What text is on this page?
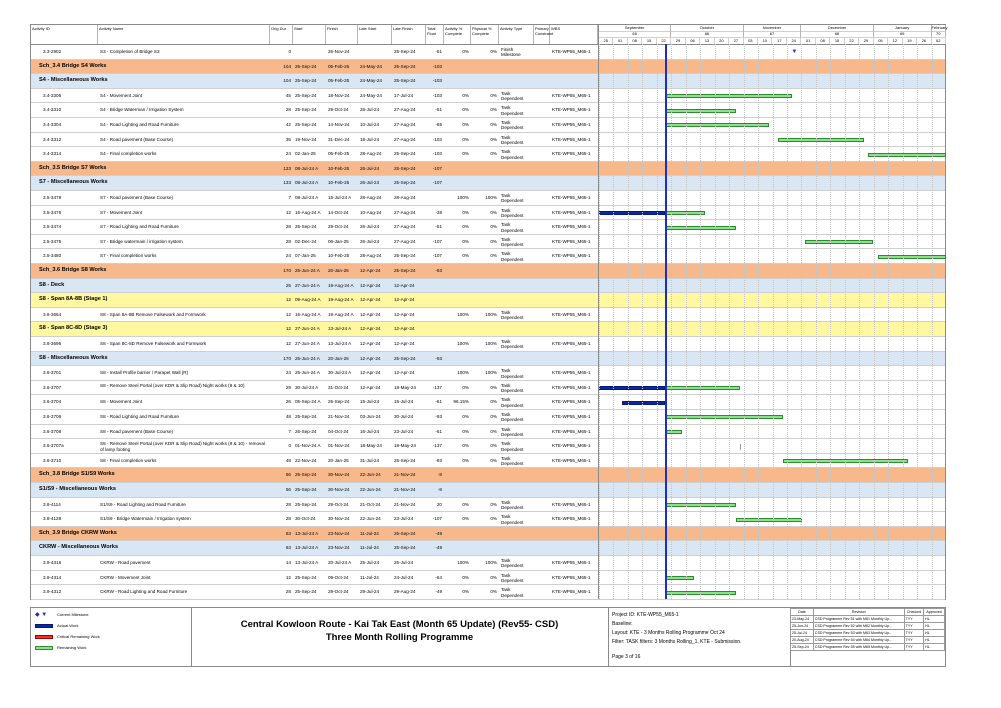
Activity ID	Activity Name	Orig Dur	Start	Finish	Late Start	Late Finish	Total Float
Activity % Complete
Physical % Complete
Activity Type	Primary Constraint
WBS
3.3-2902	S3 - Completion of Bridge S3	0	26-Nov-24	25-Sep-24	-51	0%	0% Finish Milestone
KTE-WP55_M65-1
Sch_3.4 Bridge S4 Works	104 25-Sep-24	05-Feb-25	24-May-24	25-Sep-24	-103
S4 - Miscellaneous Works	104 25-Sep-24	05-Feb-25	24-May-24	25-Sep-24	-103
3.4-3306	S4 - Movement Joint	45 25-Sep-24	18-Nov-24	24-May-24	17-Jul-24	-103	0%	0% Task Dependent
KTE-WP55_M65-1
3.4-3310	S4 - Bridge Waterman / Irrigation System	28 25-Sep-24	29-Oct-24	26-Jul-24	27-Aug-24	-51	0%	0% Task Dependent
KTE-WP55_M65-1
3.4-3304	S4 - Road Lighting and Road Furniture	42 25-Sep-24	14-Nov-24	10-Jul-24	27-Aug-24	-65	0%	0% Task Dependent
KTE-WP55_M65-1
3.4-3312	S4 - Road pavement (Base Course)	35 19-Nov-24	31-Dec-24	18-Jul-24	27-Aug-24	-103	0%	0% Task Dependent
KTE-WP55_M65-1
3.4-3314	S4 - Final completion works	24 02-Jan-25	05-Feb-25	28-Aug-24	25-Sep-24	-103	0%	0% Task Dependent
KTE-WP55_M65-1
Sch_3.5 Bridge S7 Works	133 08-Jul-24 A	10-Feb-25	26-Jul-24	25-Sep-24	-107
S7 - Miscellaneous Works	133 08-Jul-24 A	10-Feb-25	26-Jul-24	25-Sep-24	-107
3.5-3478	S7 - Road pavement (Base Course)	7 08-Jul-24 A	15-Jul-24 A	28-Aug-24	28-Aug-24	100%	100% Task Dependent
KTE-WP55_M65-1
3.5-3476	S7 - Movement Joint	12 15-Aug-24 A	14-Oct-24	10-Aug-24	27-Aug-24	-38	0%	0% Task Dependent
KTE-WP55_M65-1
3.5-3474	S7 - Road Lighting and Road Furniture	28 25-Sep-24	29-Oct-24	26-Jul-24	27-Aug-24	-51	0%	0% Task Dependent
KTE-WP55_M65-1
3.5-3475	S7 - Bridge watermain / irrigation system	28 02-Dec-24	06-Jan-25	26-Jul-24	27-Aug-24	-107	0%	0% Task Dependent
KTE-WP55_M65-1
3.5-3480	S7 - Final completion works	24 07-Jan-25	10-Feb-25	28-Aug-24	25-Sep-24	-107	0%	0% Task Dependent
KTE-WP55_M65-1
Sch_3.6 Bridge S8 Works	170 25-Jun-24 A	20-Jan-25	12-Apr-24	25-Sep-24	-93
S8 - Deck	25 27-Jun-24 A	19-Aug-24 A	12-Apr-24	12-Apr-24
S8 - Span 8A-8B (Stage 1)	12 09-Aug-24 A	19-Aug-24 A	12-Apr-24	12-Apr-24
3.6-3664	S8 - Span 8A-8B Remove Falsework and Formwork	12 15-Aug-24 A	19-Aug-24 A	12-Apr-24	12-Apr-24	100%	100% Task Dependent
KTE-WP55_M65-1
S8 - Span 8C-8D (Stage 3)	12 27-Jun-24 A	13-Jul-24 A	12-Apr-24	12-Apr-24
3.6-3696	S8 - Span 8C-8D Remove Falsework and Formwork	12 27-Jun-24 A	13-Jul-24 A	12-Apr-24	12-Apr-24	100%	100% Task Dependent
KTE-WP55_M65-1
S8 - Miscellaneous Works	170 25-Jun-24 A	20-Jan-25	12-Apr-24	25-Sep-24	-93
3.6-3701	S8 - Install Profile barrier / Parapet Wall (R)	24 25-Jun-24 A	30-Jul-24 A	12-Apr-24	12-Apr-24	100%	100% Task Dependent
KTE-WP55_M65-1
3.6-3707	S8 - Remove Steel Portal (over KDR & Slip Road) Night works (9 & 10)	29 30-Jul-24 A	31-Oct-24	12-Apr-24	18-May-24	-137	0%	0% Task Dependent
KTE-WP55_M65-1
3.6-3704	S8 - Movement Joint	26 05-Sep-24 A	25-Sep-24	15-Jul-24	15-Jul-24	-61	96.15%	0% Task Dependent
KTE-WP55_M65-1
3.6-3706	S8 - Road Lighting and Road Furniture	48 25-Sep-24	21-Nov-24	03-Jun-24	30-Jul-24	-93	0%	0% Task Dependent
KTE-WP55_M65-1
3.6-3708	S8 - Road pavement (Base Course)	7 26-Sep-24	04-Oct-24	16-Jul-24	23-Jul-24	-61	0%	0% Task Dependent
KTE-WP55_M65-1
3.6-3707a	S8 - Remove Steel Portal (over KDR & Slip Road) Night works (9 & 10) - removal of lamp footing
0 01-Nov-24 A	01-Nov-24	18-May-24	18-May-24	-137	0%	0% Task Dependent
KTE-WP55_M65-1
3.6-3710	S8 - Final completion works	48 22-Nov-24	20-Jan-25	31-Jul-24	25-Sep-24	-93	0%	0% Task Dependent
KTE-WP55_M65-1
Sch_3.8 Bridge S1/S9 Works	56 25-Sep-24	30-Nov-24	22-Jun-24	21-Nov-24	-8
S1/S9 - Miscellaneous Works	56 25-Sep-24	30-Nov-24	22-Jun-24	21-Nov-24	-8
3.8-4114	S1/S9 - Road Lighting and Road Furniture	28 25-Sep-24	29-Oct-24	21-Oct-24	21-Nov-24	20	0%	0% Task Dependent
KTE-WP55_M65-1
3.8-4128	S1/S9 - Bridge Watermain / Irrigation system	28 30-Oct-24	30-Nov-24	22-Jun-24	23-Jul-24	-107	0%	0% Task Dependent
KTE-WP55_M65-1
Sch_3.9 Bridge CKRW Works	63 13-Jul-24 A	23-Nov-24	11-Jul-24	25-Sep-24	-49
CKRW - Miscellaneous Works	63 13-Jul-24 A	23-Nov-24	11-Jul-24	25-Sep-24	-49
3.9-4316	CKRW - Road pavement	14 13-Jul-24 A	20-Jul-24 A	25-Jul-24	25-Jul-24	100%	100% Task Dependent
KTE-WP55_M65-1
3.9-4314	CKRW - Movement Joint	12 25-Sep-24	09-Oct-24	11-Jul-24	24-Jul-24	-64	0%	0% Task Dependent
KTE-WP55_M65-1
3.9-4312	CKRW - Road Lighting and Road Furniture	28 25-Sep-24	29-Oct-24	29-Jul-24	29-Aug-24	-49	0%	0% Task Dependent
KTE-WP55_M65-1
September
65
October
66
November
67
December
68
January
69
February
70
25	01	08	15	22	29	06	13	20	27	03	10	17	24	01	08	15	22	29	05	12	19	26	02
▼
◆ ▼	Current Milestone
Actual Work
Critical Remaining Work
Remaining Work
Central Kowloon Route - Kai Tak East (Month 65 Update) (Rev55- CSD)
Three Month Rolling Programme
Project ID: KTE-WP55_M65-1
Baseline:
Layout: KTE - 3 Months Rolling Programme Oct 24
Filter: TASK filters: 3 Months Rolling_1, KTE - Submission.
Page 3 of 16
Date	Revision	Checked	Approved
23-May-24	CSD Programme Rev 51 with M61 Monthly Up...	TYY	HL
25-Jun-24	CSD Programme Rev 52 with M62 Monthly Up...	TYY	HL
25-Jul-24	CSD Programme Rev 53 with M63 Monthly Up...	TYY	HL
20-Aug-24	CSD Programme Rev 54 with M64 Monthly Up...	TYY	HL
25-Sep-24	CSD Programme Rev 55 with M65 Monthly Up...	TYY	HL
